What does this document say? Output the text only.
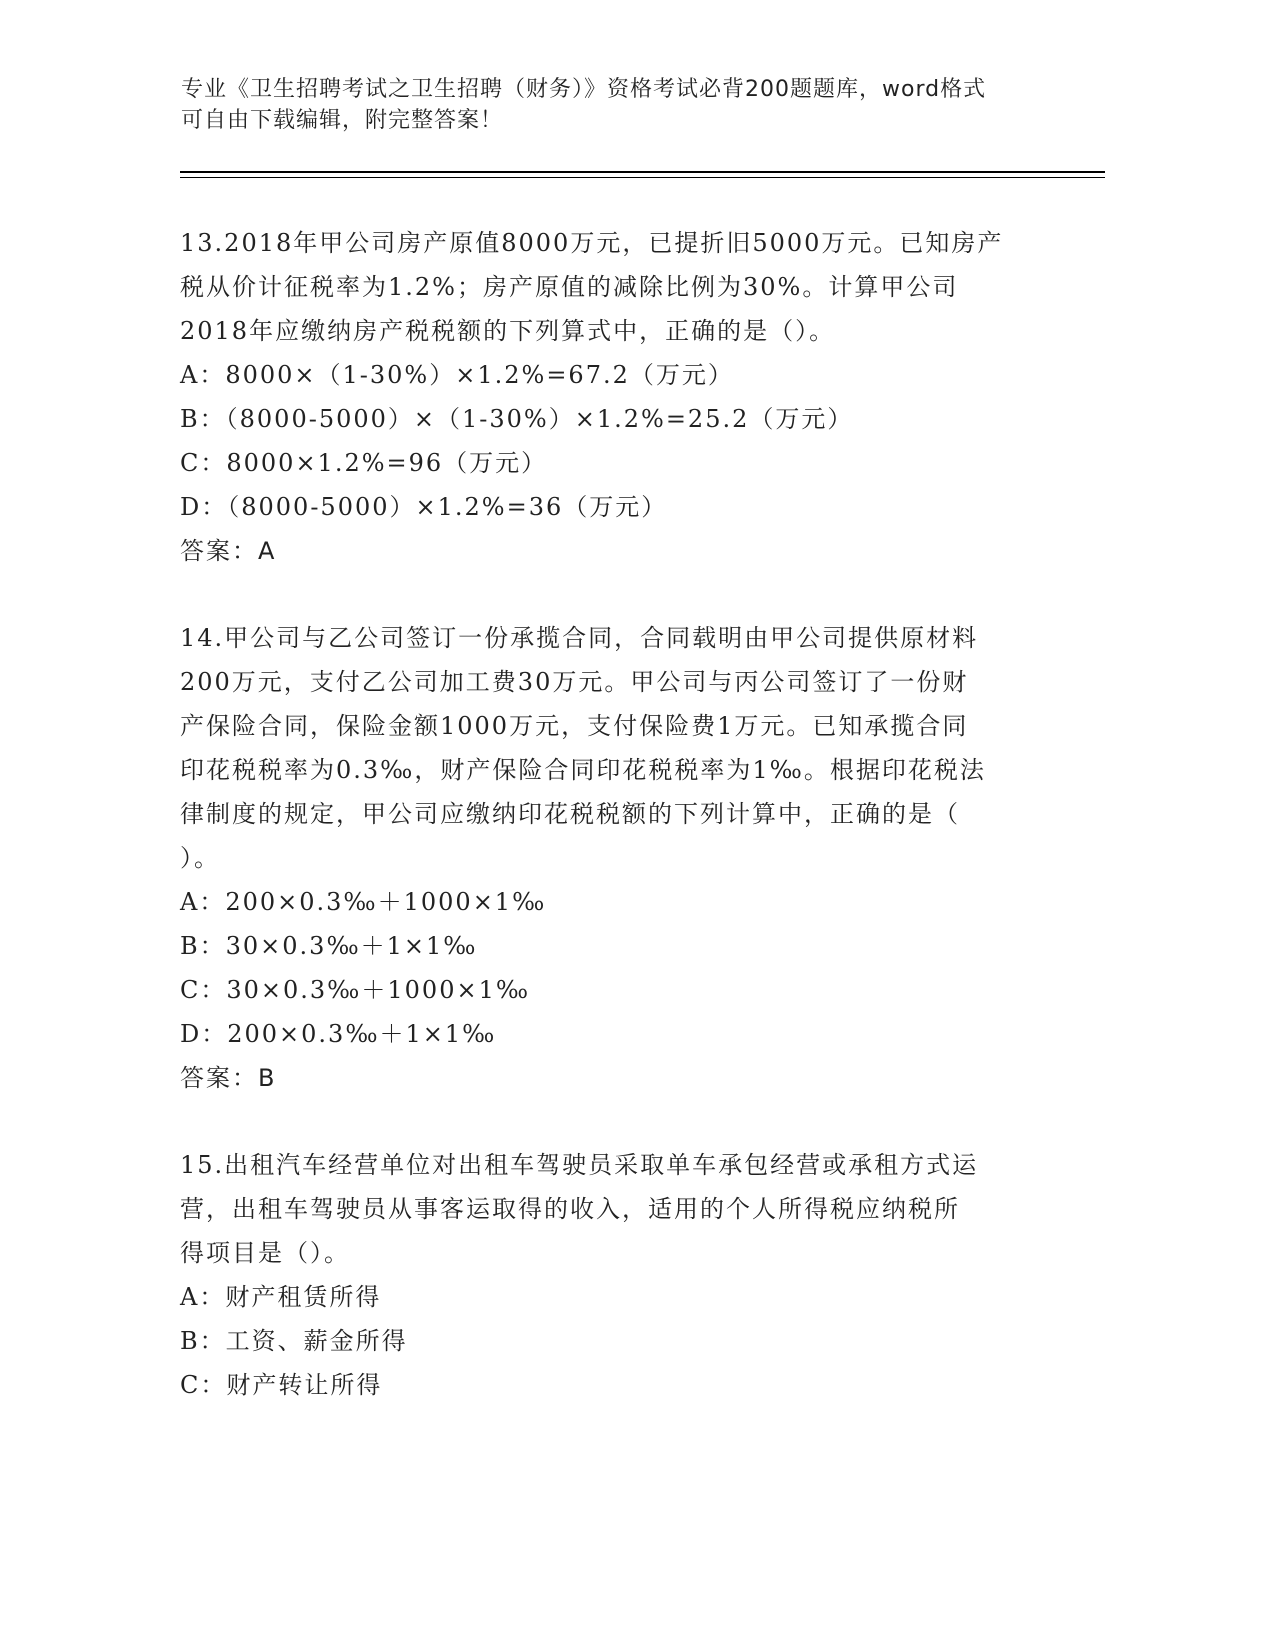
专业《卫生招聘考试之卫生招聘（财务）》资格考试必背200题题库，word格式
可自由下载编辑，附完整答案！
13.2018年甲公司房产原值8000万元，已提折旧5000万元。已知房产
税从价计征税率为1.2%；房产原值的减除比例为30%。计算甲公司
2018年应缴纳房产税税额的下列算式中，正确的是（）。
A：8000×（1-30%）×1.2%=67.2（万元）
B：（8000-5000）×（1-30%）×1.2%=25.2（万元）
C：8000×1.2%=96（万元）
D：（8000-5000）×1.2%=36（万元）
答案：A
14.甲公司与乙公司签订一份承揽合同，合同载明由甲公司提供原材料
200万元，支付乙公司加工费30万元。甲公司与丙公司签订了一份财
产保险合同，保险金额1000万元，支付保险费1万元。已知承揽合同
印花税税率为0.3‰，财产保险合同印花税税率为1‰。根据印花税法
律制度的规定，甲公司应缴纳印花税税额的下列计算中，正确的是（
）。
A：200×0.3‰＋1000×1‰
B：30×0.3‰＋1×1‰
C：30×0.3‰＋1000×1‰
D：200×0.3‰＋1×1‰
答案：B
15.出租汽车经营单位对出租车驾驶员采取单车承包经营或承租方式运
营，出租车驾驶员从事客运取得的收入，适用的个人所得税应纳税所
得项目是（）。
A：财产租赁所得
B：工资、薪金所得
C：财产转让所得
